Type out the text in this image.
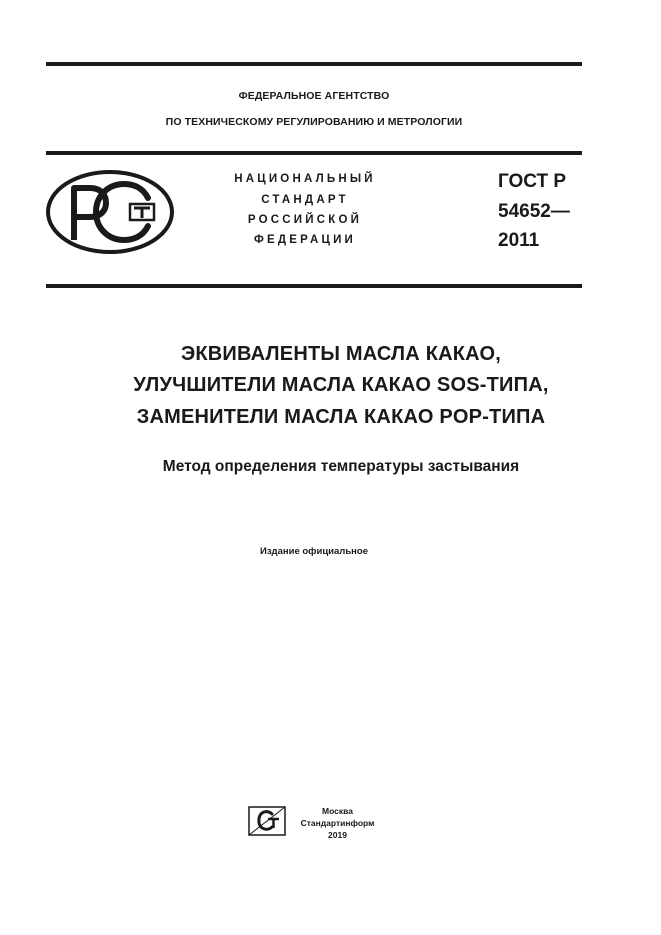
ФЕДЕРАЛЬНОЕ АГЕНТСТВО
ПО ТЕХНИЧЕСКОМУ РЕГУЛИРОВАНИЮ И МЕТРОЛОГИИ
НАЦИОНАЛЬНЫЙ
СТАНДАРТ
РОССИЙСКОЙ
ФЕДЕРАЦИИ
ГОСТ Р
54652—
2011
ЭКВИВАЛЕНТЫ МАСЛА КАКАО,
УЛУЧШИТЕЛИ МАСЛА КАКАО SOS-ТИПА,
ЗАМЕНИТЕЛИ МАСЛА КАКАО POP-ТИПА
Метод определения температуры застывания
Издание официальное
Москва
Стандартинформ
2019
